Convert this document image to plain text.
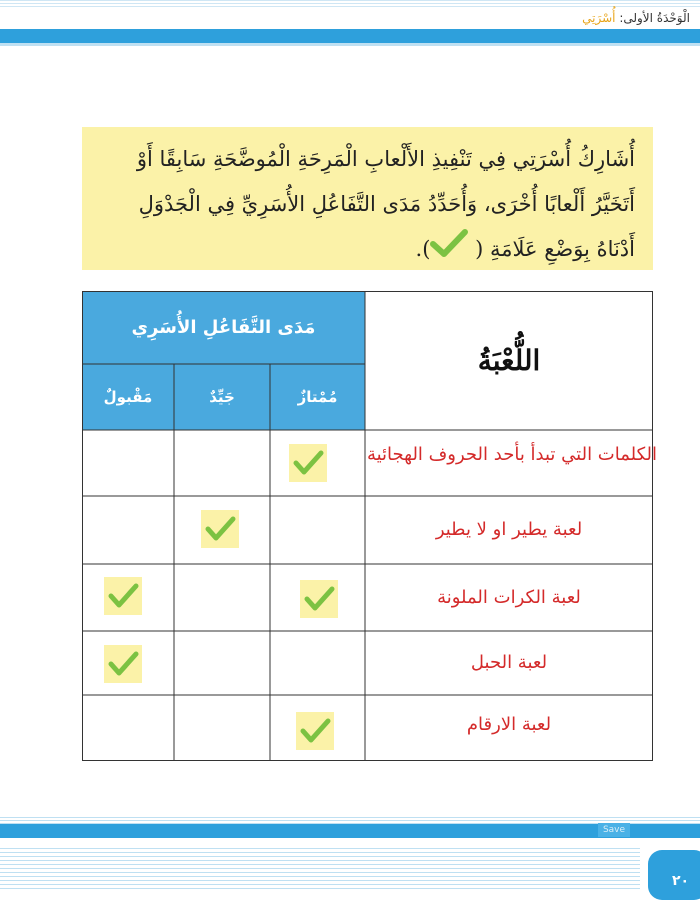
الْوَحْدَةُ الأولى: أُسْرَتِي
أُشَارِكُ أُسْرَتِي فِي تَنْفِيذِ الأَلْعابِ الْمَرِحَةِ الْمُوضَّحَةِ سَابِقًا أَوْ أَتَخَيَّرُ أَلْعابًا أُخْرَى، وَأُحَدِّدُ مَدَى التَّفَاعُلِ الأُسَرِيِّ فِي الْجَدْوَلِ أَدْنَاهُ بِوَضْعِ عَلَامَةِ ( ).
مَدَى التَّفَاعُلِ الأُسَرِي
اللُّعْبَةُ
مُمْتازٌ
جَيِّدٌ
مَقْبولٌ
الكلمات التي تبدأ بأحد الحروف الهجائية
لعبة يطير او لا يطير
لعبة الكرات الملونة
لعبة الحبل
لعبة الارقام
Save
٢٠
